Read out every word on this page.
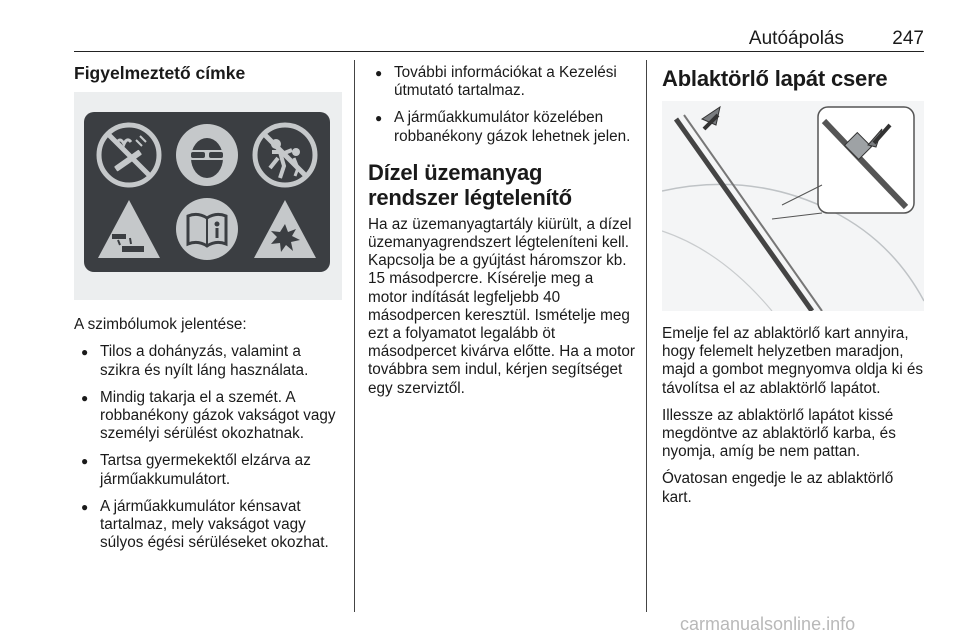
Autóápolás	247
Figyelmeztető címke

A szimbólumok jelentése:

● Tilos a dohányzás, valamint a szikra és nyílt láng használata.
● Mindig takarja el a szemét. A robbanékony gázok vakságot vagy személyi sérülést okozhatnak.
● Tartsa gyermekektől elzárva az járműakkumulátort.
● A járműakkumulátor kénsavat tartalmaz, mely vakságot vagy súlyos égési sérüléseket okozhat.
● További információkat a Kezelési útmutató tartalmaz.
● A járműakkumulátor közelében robbanékony gázok lehetnek jelen.
Dízel üzemanyag rendszer légtelenítő

Ha az üzemanyagtartály kiürült, a dízel üzemanyagrendszert légteleníteni kell. Kapcsolja be a gyújtást háromszor kb. 15 másodpercre. Kísérelje meg a motor indítását legfeljebb 40 másodpercen keresztül. Ismételje meg ezt a folyamatot legalább öt másodpercet kivárva előtte. Ha a motor továbbra sem indul, kérjen segítséget egy szerviztől.

Ablaktörlő lapát csere

Emelje fel az ablaktörlő kart annyira, hogy felemelt helyzetben maradjon, majd a gombot megnyomva oldja ki és távolítsa el az ablaktörlő lapátot.

Illessze az ablaktörlő lapátot kissé megdöntve az ablaktörlő karba, és nyomja, amíg be nem pattan.

Óvatosan engedje le az ablaktörlő kart.

carmanualsonline.info
